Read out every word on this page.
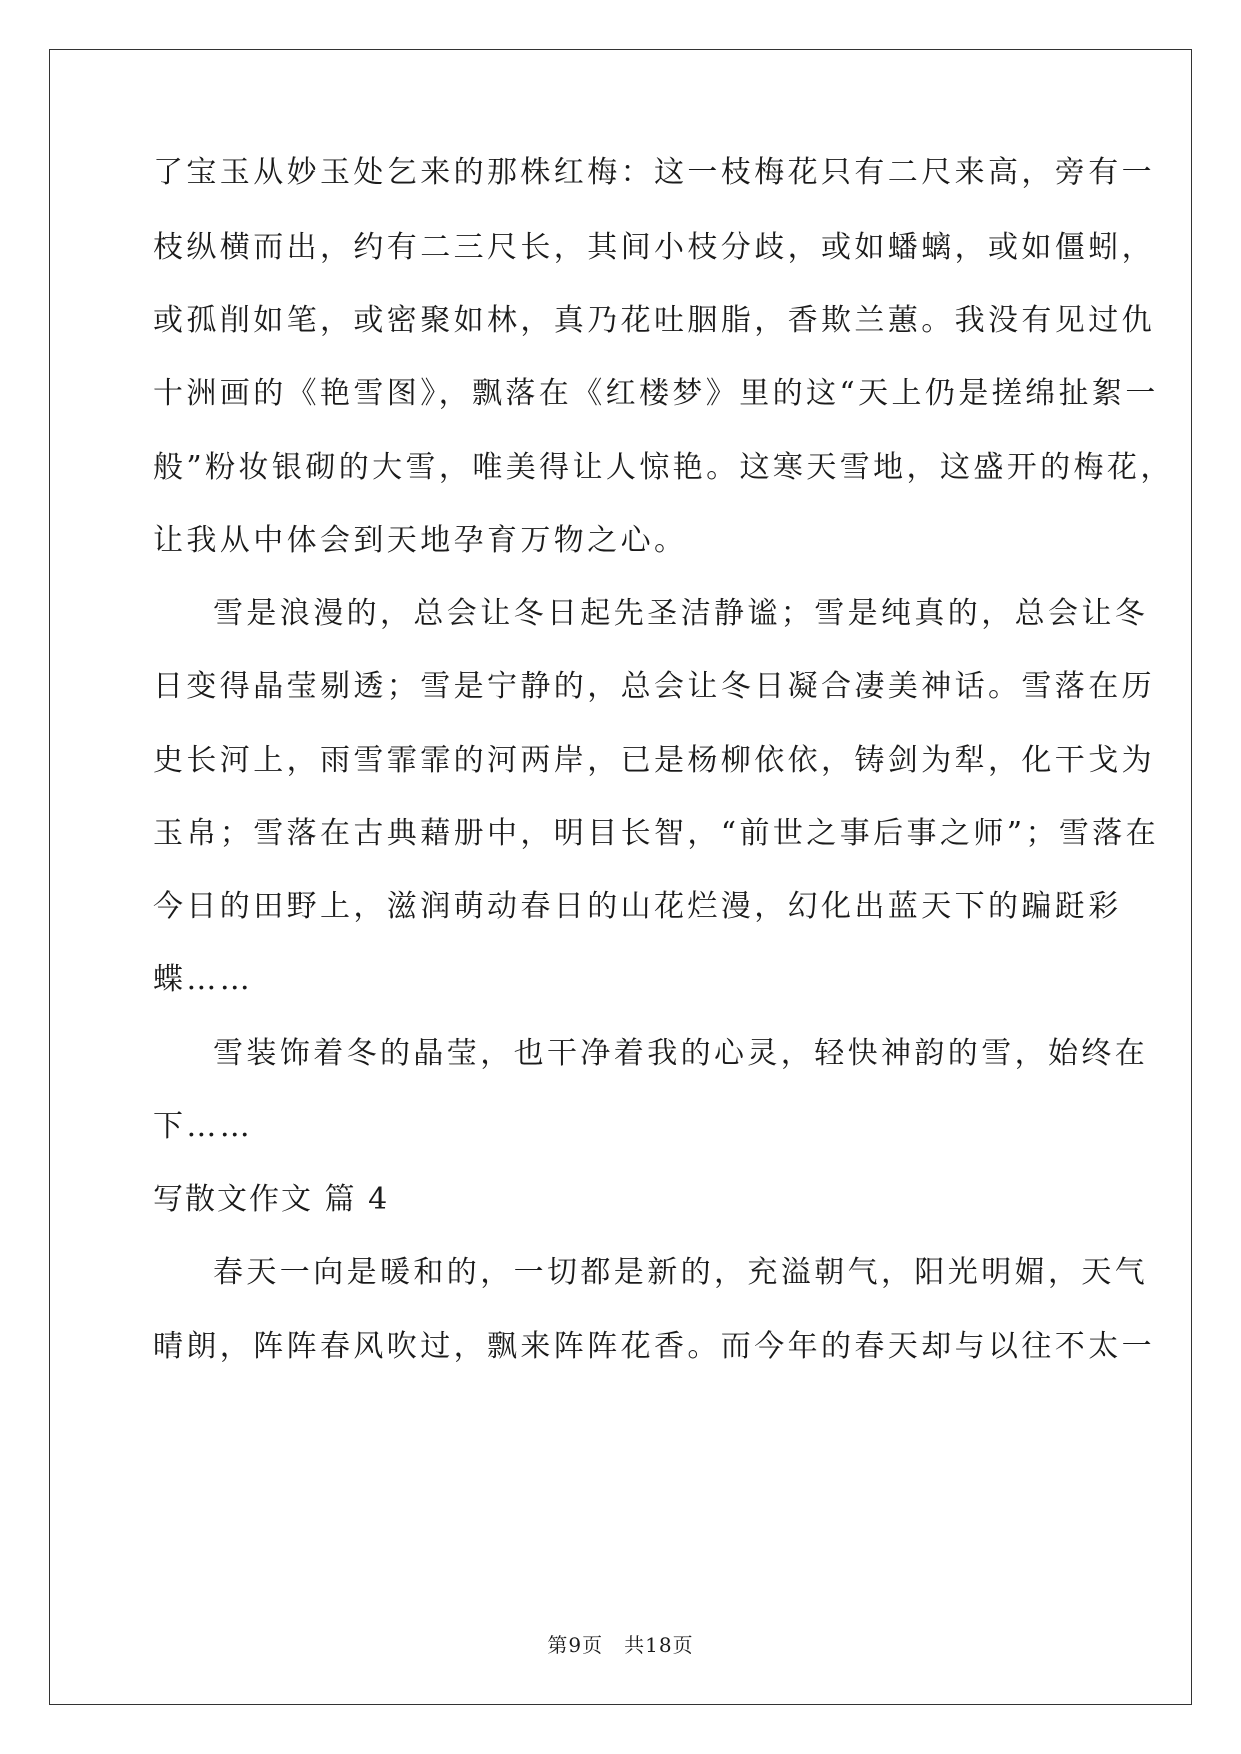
了宝玉从妙玉处乞来的那株红梅：这一枝梅花只有二尺来高，旁有一
枝纵横而出，约有二三尺长，其间小枝分歧，或如蟠螭，或如僵蚓，
或孤削如笔，或密聚如林，真乃花吐胭脂，香欺兰蕙。我没有见过仇
十洲画的《艳雪图》，飘落在《红楼梦》里的这“天上仍是搓绵扯絮一
般”粉妆银砌的大雪，唯美得让人惊艳。这寒天雪地，这盛开的梅花，
让我从中体会到天地孕育万物之心。
雪是浪漫的，总会让冬日起先圣洁静谧；雪是纯真的，总会让冬
日变得晶莹剔透；雪是宁静的，总会让冬日凝合凄美神话。雪落在历
史长河上，雨雪霏霏的河两岸，已是杨柳依依，铸剑为犁，化干戈为
玉帛；雪落在古典藉册中，明目长智，“前世之事后事之师”；雪落在
今日的田野上，滋润萌动春日的山花烂漫，幻化出蓝天下的蹁跹彩
蝶……
雪装饰着冬的晶莹，也干净着我的心灵，轻快神韵的雪，始终在
下……
写散文作文 篇 4
春天一向是暖和的，一切都是新的，充溢朝气，阳光明媚，天气
晴朗，阵阵春风吹过，飘来阵阵花香。而今年的春天却与以往不太一
第9页　共18页
